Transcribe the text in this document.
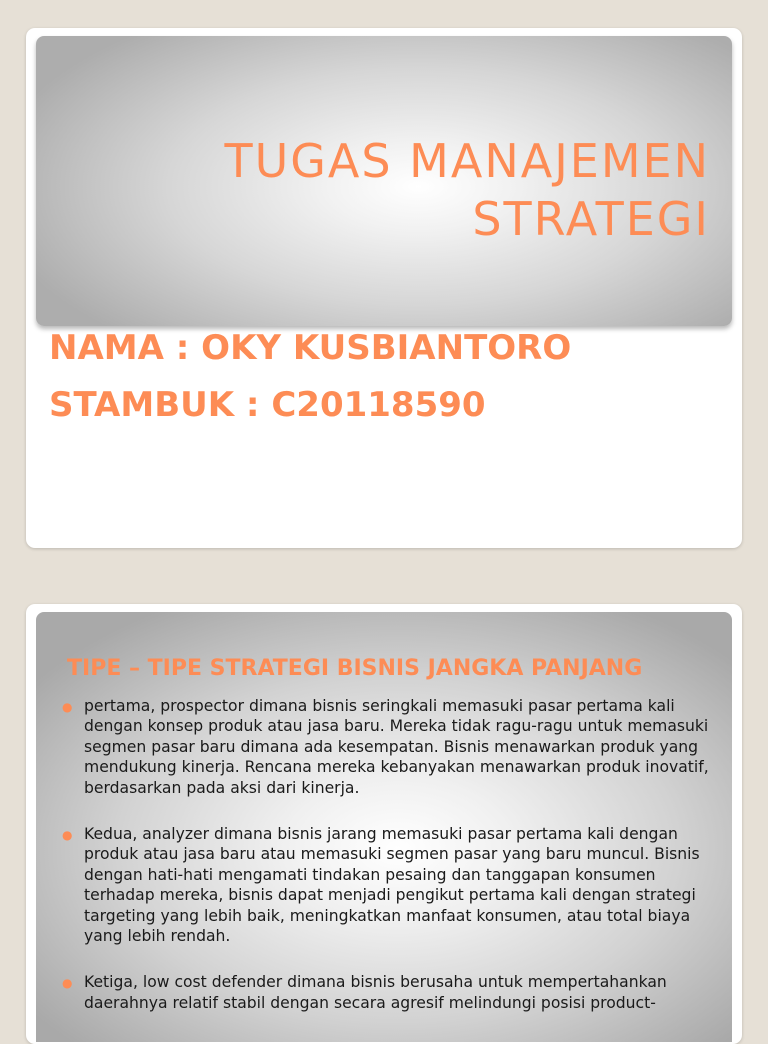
TUGAS MANAJEMEN STRATEGI

NAMA : OKY KUSBIANTORO

STAMBUK : C20118590

TIPE – TIPE STRATEGI BISNIS JANGKA PANJANG
● pertama, prospector dimana bisnis seringkali memasuki pasar pertama kali dengan konsep produk atau jasa baru. Mereka tidak ragu-ragu untuk memasuki segmen pasar baru dimana ada kesempatan. Bisnis menawarkan produk yang mendukung kinerja. Rencana mereka kebanyakan menawarkan produk inovatif, berdasarkan pada aksi dari kinerja.
● Kedua, analyzer dimana bisnis jarang memasuki pasar pertama kali dengan produk atau jasa baru atau memasuki segmen pasar yang baru muncul. Bisnis dengan hati-hati mengamati tindakan pesaing dan tanggapan konsumen terhadap mereka, bisnis dapat menjadi pengikut pertama kali dengan strategi targeting yang lebih baik, meningkatkan manfaat konsumen, atau total biaya yang lebih rendah.
● Ketiga, low cost defender dimana bisnis berusaha untuk mempertahankan daerahnya relatif stabil dengan secara agresif melindungi posisi product-
